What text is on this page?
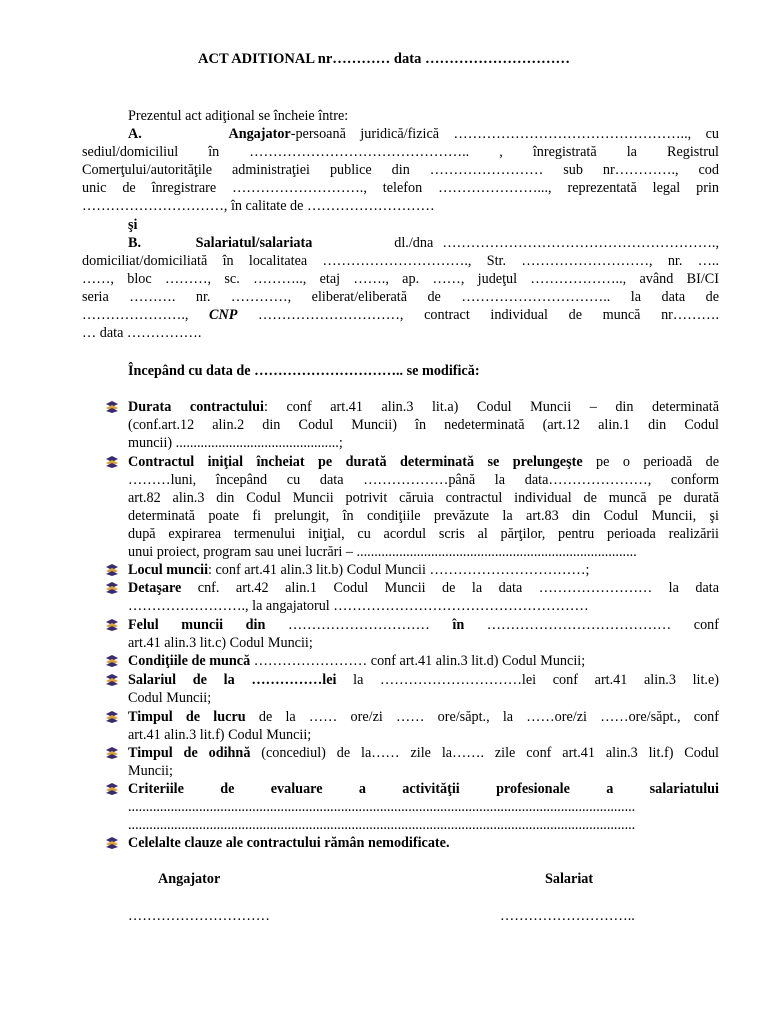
ACT ADITIONAL nr………… data …………………………
Prezentul act adiţional se încheie între:
A.	Angajator-persoană juridică/fizică ………………………………………….., cu
sediul/domiciliul în ……………………………………….. , înregistrată la Registrul
Comerţului/autorităţile administraţiei publice din …………………… sub nr…………., cod
unic de înregistrare ………………………., telefon …………………..., reprezentată legal prin
…………………………, în calitate de ………………………
şi
B.	Salariatul/salariata	dl./dna ………………………………………………….,
domiciliat/domiciliată în localitatea …………………………., Str. ………………………, nr. …..
……, bloc ………, sc. ……….., etaj ……., ap. ……, judeţul ……………….., având BI/CI
seria ………. nr. …………, eliberat/eliberată de ………………………….. la data de
…………………., CNP …………………………, contract individual de muncă nr……….
… data …………….
Începând cu data de ………………………….. se modifică:
Durata contractului: conf art.41 alin.3 lit.a) Codul Muncii – din determinată
(conf.art.12 alin.2 din Codul Muncii) în nedeterminată (art.12 alin.1 din Codul
muncii) ..............................................;
Contractul iniţial încheiat pe durată determinată se prelungeşte pe o perioadă de
………luni, începând cu data ………………până la data…………………, conform
art.82 alin.3 din Codul Muncii potrivit căruia contractul individual de muncă pe durată
determinată poate fi prelungit, în condiţiile prevăzute la art.83 din Codul Muncii, şi
după expirarea termenului iniţial, cu acordul scris al părţilor, pentru perioada realizării
unui proiect, program sau unei lucrări – ...............................................................................
Locul muncii: conf art.41 alin.3 lit.b) Codul Muncii ……………………………;
Detaşare cnf. art.42 alin.1 Codul Muncii de la data …………………… la data
……………………., la angajatorul ………………………………………………
Felul muncii din ………………………… în ………………………………… conf
art.41 alin.3 lit.c) Codul Muncii;
Condiţiile de muncă …………………… conf art.41 alin.3 lit.d) Codul Muncii;
Salariul de la ……………lei la …………………………lei conf art.41 alin.3 lit.e)
Codul Muncii;
Timpul de lucru de la …… ore/zi …… ore/săpt., la ……ore/zi ……ore/săpt., conf
art.41 alin.3 lit.f) Codul Muncii;
Timpul de odihnă (concediul) de la…… zile la……. zile conf art.41 alin.3 lit.f) Codul
Muncii;
Criteriile de evaluare a activităţii profesionale a salariatului
...............................................................................................................................................
...............................................................................................................................................
Celelalte clauze ale contractului rămân nemodificate.
Angajator	Salariat
…………………………	………………………..
